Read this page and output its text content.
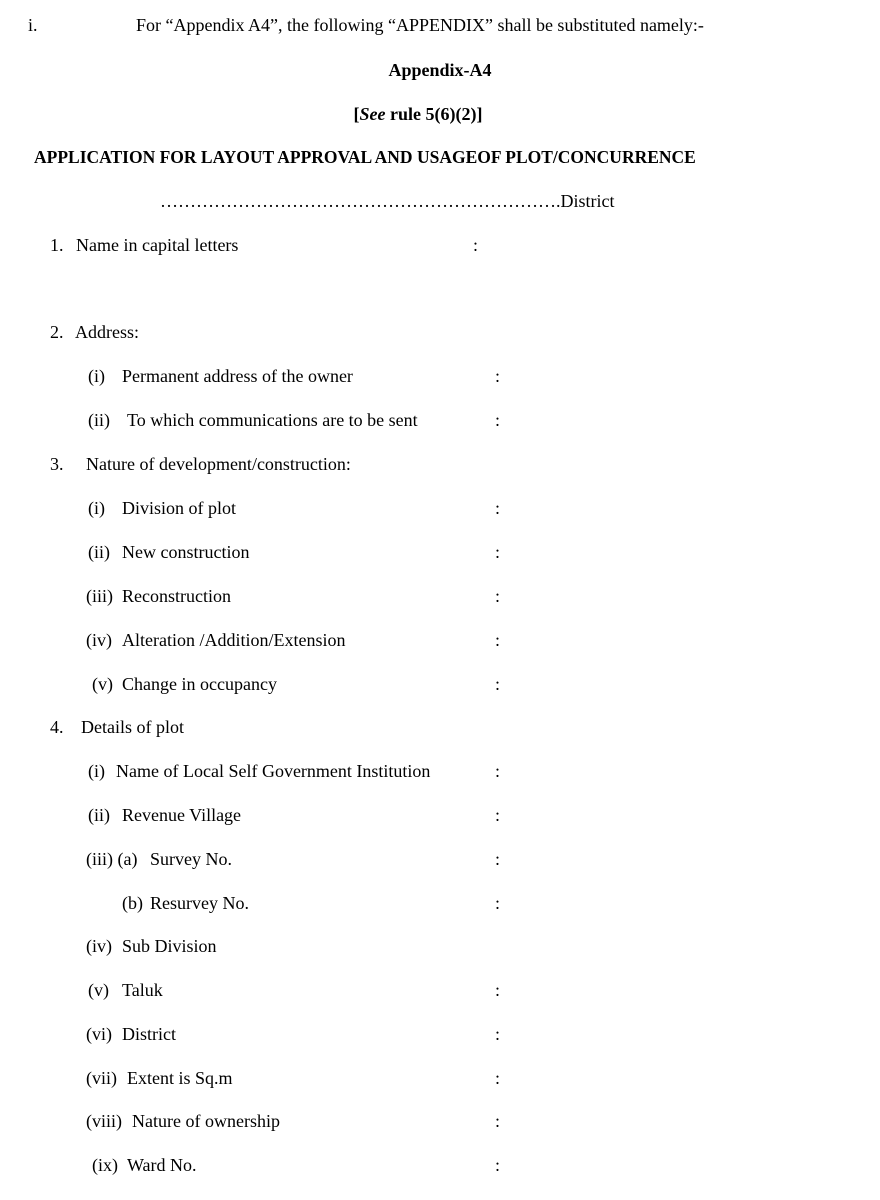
i.	For “Appendix A4”, the following “APPENDIX” shall be substituted namely:-
Appendix-A4
[See rule 5(6)(2)]
APPLICATION FOR LAYOUT APPROVAL AND USAGEOF PLOT/CONCURRENCE
………………………………………………………….District
1. Name in capital letters	:
2. Address:
(i) Permanent address of the owner	:
(ii) To which communications are to be sent	:
3. Nature of development/construction:
(i) Division of plot	:
(ii) New construction	:
(iii) Reconstruction	:
(iv) Alteration /Addition/Extension	:
(v) Change in occupancy	:
4. Details of plot
(i) Name of Local Self Government Institution	:
(ii) Revenue Village	:
(iii) (a) Survey No.	:
(b) Resurvey No.	:
(iv) Sub Division
(v) Taluk	:
(vi) District	:
(vii) Extent is Sq.m	:
(viii) Nature of ownership	:
(ix) Ward No.	:
